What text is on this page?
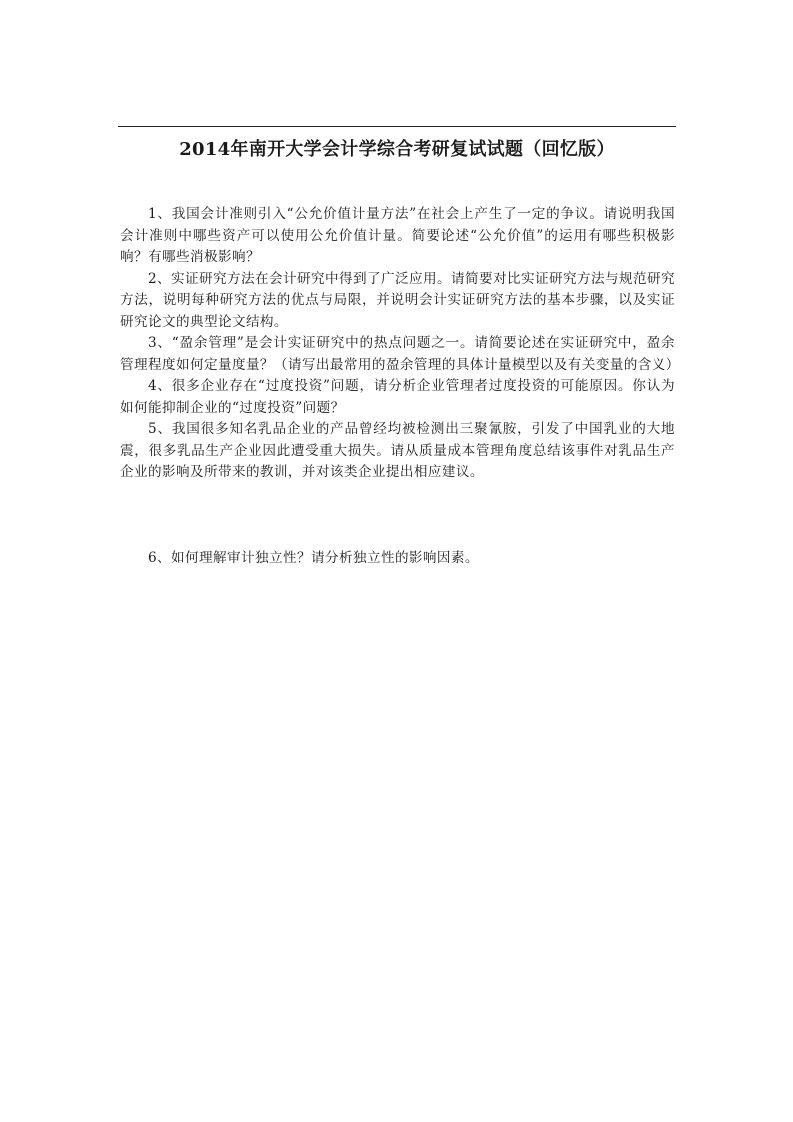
2014年南开大学会计学综合考研复试试题（回忆版）

1、我国会计准则引入“公允价值计量方法”在社会上产生了一定的争议。请说明我国会计准则中哪些资产可以使用公允价值计量。简要论述“公允价值”的运用有哪些积极影响？有哪些消极影响？

2、实证研究方法在会计研究中得到了广泛应用。请简要对比实证研究方法与规范研究方法，说明每种研究方法的优点与局限，并说明会计实证研究方法的基本步骤，以及实证研究论文的典型论文结构。

3、“盈余管理”是会计实证研究中的热点问题之一。请简要论述在实证研究中，盈余管理程度如何定量度量？（请写出最常用的盈余管理的具体计量模型以及有关变量的含义）

4、很多企业存在“过度投资”问题，请分析企业管理者过度投资的可能原因。你认为如何能抑制企业的“过度投资”问题？

5、我国很多知名乳品企业的产品曾经均被检测出三聚氰胺，引发了中国乳业的大地震，很多乳品生产企业因此遭受重大损失。请从质量成本管理角度总结该事件对乳品生产企业的影响及所带来的教训，并对该类企业提出相应建议。

6、如何理解审计独立性？请分析独立性的影响因素。
